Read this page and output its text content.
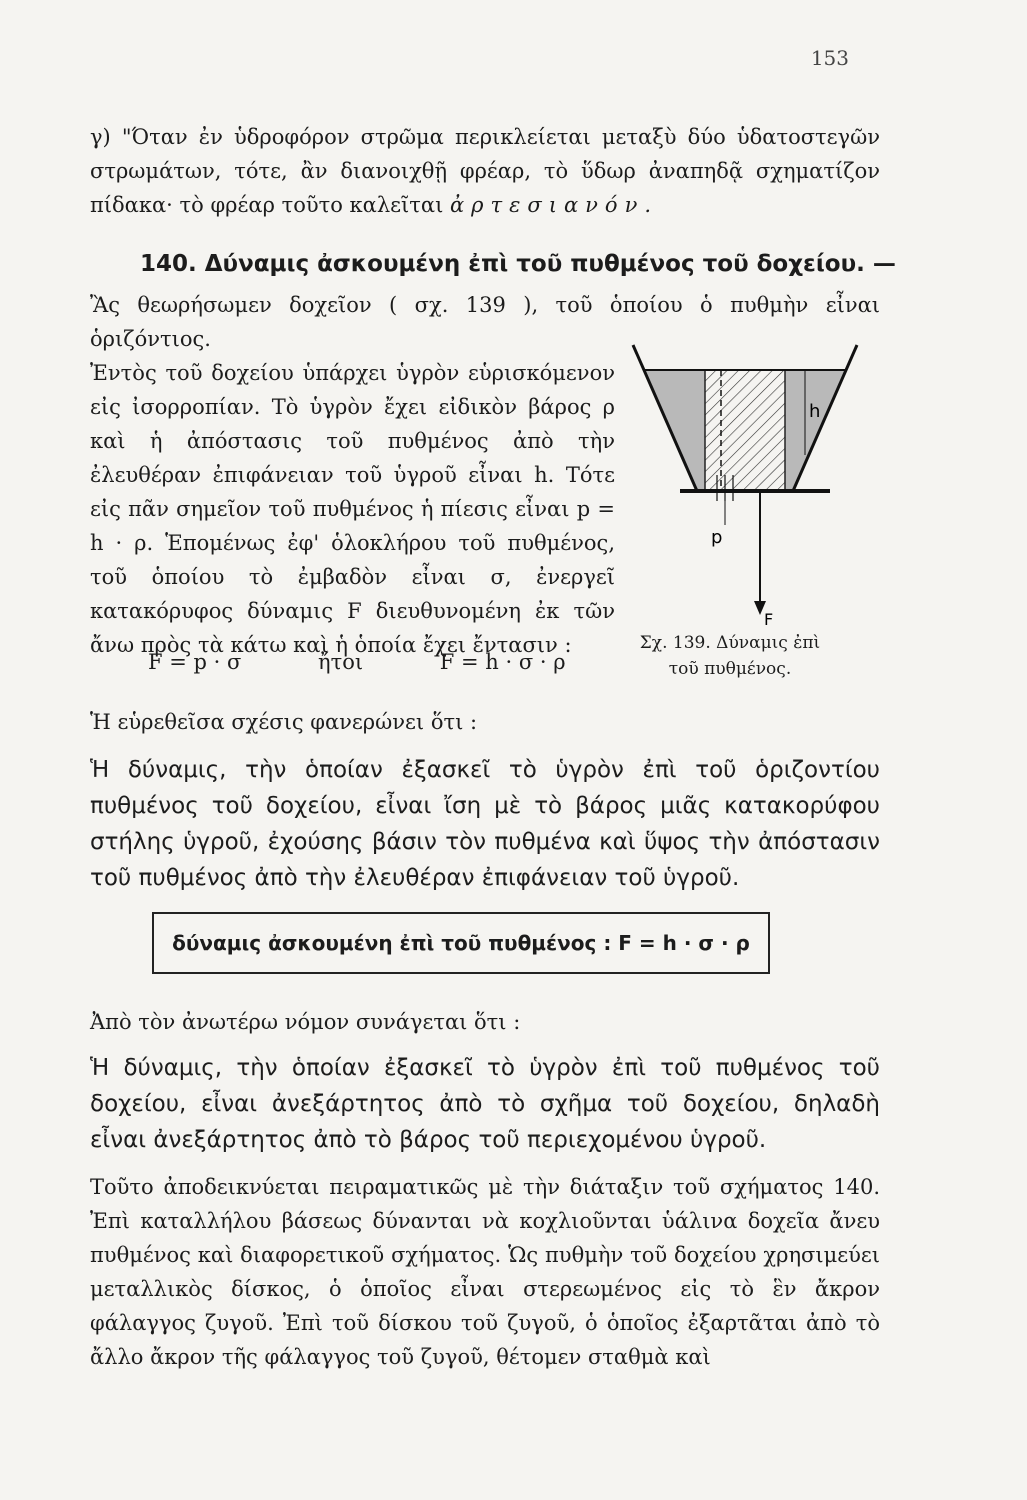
153

γ) "Όταν ἐν ὑδροφόρον στρῶμα περικλείεται μεταξὺ δύο ὑδατοστεγῶν στρωμάτων, τότε, ἂν διανοιχθῇ φρέαρ, τὸ ὕδωρ ἀναπηδᾷ σχηματίζον πίδακα· τὸ φρέαρ τοῦτο καλεῖται ἀρτεσιανόν.

140. Δύναμις ἀσκουμένη ἐπὶ τοῦ πυθμένος τοῦ δοχείου. —

Ἂς θεωρήσωμεν δοχεῖον ( σχ. 139 ), τοῦ ὁποίου ὁ πυθμὴν εἶναι ὁριζόντιος.

Ἐντὸς τοῦ δοχείου ὑπάρχει ὑγρὸν εὑρισκόμενον εἰς ἰσορροπίαν. Τὸ ὑγρὸν ἔχει εἰδικὸν βάρος ρ καὶ ἡ ἀπόστασις τοῦ πυθμένος ἀπὸ τὴν ἐλευθέραν ἐπιφάνειαν τοῦ ὑγροῦ εἶναι h. Τότε εἰς πᾶν σημεῖον τοῦ πυθμένος ἡ πίεσις εἶναι p = h · ρ. Ἑπομένως ἐφ' ὁλοκλήρου τοῦ πυθμένος, τοῦ ὁποίου τὸ ἐμβαδὸν εἶναι σ, ἐνεργεῖ κατακόρυφος δύναμις F διευθυνομένη ἐκ τῶν ἄνω πρὸς τὰ κάτω καὶ ἡ ὁποία ἔχει ἔντασιν :

F = p · σ	ἤτοι	F = h · σ · ρ
h
p
F
Σχ. 139. Δύναμις ἐπὶ
τοῦ πυθμένος.

Ἡ εὑρεθεῖσα σχέσις φανερώνει ὅτι :

Ἡ δύναμις, τὴν ὁποίαν ἐξασκεῖ τὸ ὑγρὸν ἐπὶ τοῦ ὁριζοντίου πυθμένος τοῦ δοχείου, εἶναι ἴση μὲ τὸ βάρος μιᾶς κατακορύφου στήλης ὑγροῦ, ἐχούσης βάσιν τὸν πυθμένα καὶ ὕψος τὴν ἀπόστασιν τοῦ πυθμένος ἀπὸ τὴν ἐλευθέραν ἐπιφάνειαν τοῦ ὑγροῦ.

δύναμις ἀσκουμένη ἐπὶ τοῦ πυθμένος : F = h · σ · ρ

Ἀπὸ τὸν ἀνωτέρω νόμον συνάγεται ὅτι :

Ἡ δύναμις, τὴν ὁποίαν ἐξασκεῖ τὸ ὑγρὸν ἐπὶ τοῦ πυθμένος τοῦ δοχείου, εἶναι ἀνεξάρτητος ἀπὸ τὸ σχῆμα τοῦ δοχείου, δηλαδὴ εἶναι ἀνεξάρτητος ἀπὸ τὸ βάρος τοῦ περιεχομένου ὑγροῦ.

Τοῦτο ἀποδεικνύεται πειραματικῶς μὲ τὴν διάταξιν τοῦ σχήματος 140. Ἐπὶ καταλλήλου βάσεως δύνανται νὰ κοχλιοῦνται ὑάλινα δοχεῖα ἄνευ πυθμένος καὶ διαφορετικοῦ σχήματος. Ὡς πυθμὴν τοῦ δοχείου χρησιμεύει μεταλλικὸς δίσκος, ὁ ὁποῖος εἶναι στερεωμένος εἰς τὸ ἓν ἄκρον φάλαγγος ζυγοῦ. Ἐπὶ τοῦ δίσκου τοῦ ζυγοῦ, ὁ ὁποῖος ἐξαρτᾶται ἀπὸ τὸ ἄλλο ἄκρον τῆς φάλαγγος τοῦ ζυγοῦ, θέτομεν σταθμὰ καὶ
